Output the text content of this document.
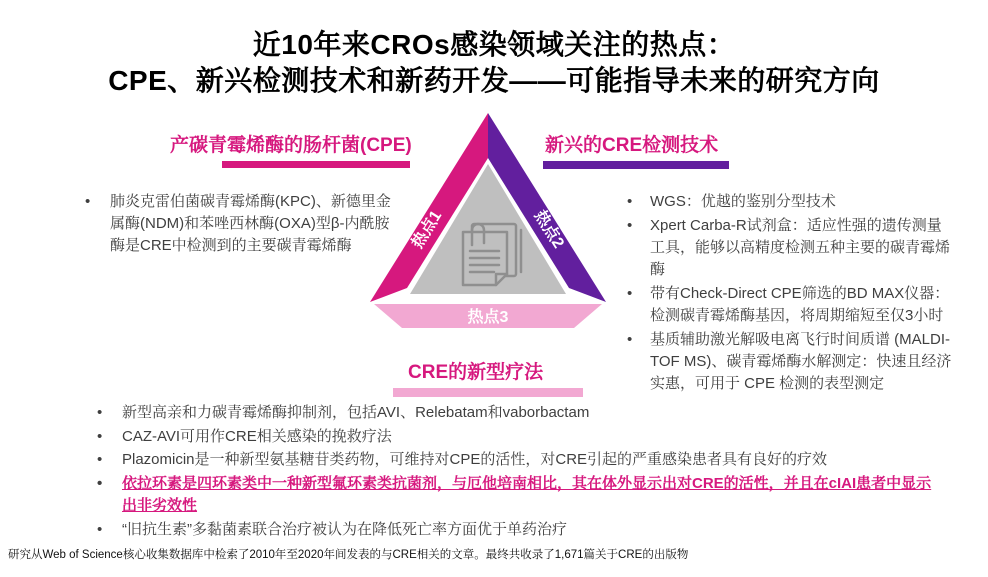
近10年来CROs感染领域关注的热点：
CPE、新兴检测技术和新药开发——可能指导未来的研究方向
产碳青霉烯酶的肠杆菌(CPE)
• 肺炎克雷伯菌碳青霉烯酶(KPC)、新德里金属酶(NDM)和苯唑西林酶(OXA)型β-内酰胺酶是CRE中检测到的主要碳青霉烯酶
新兴的CRE检测技术
• WGS：优越的鉴别分型技术
• Xpert Carba-R试剂盒：适应性强的遗传测量工具，能够以高精度检测五种主要的碳青霉烯酶
• 带有Check-Direct CPE筛选的BD MAX仪器：检测碳青霉烯酶基因，将周期缩短至仅3小时
• 基质辅助激光解吸电离飞行时间质谱 (MALDI-TOF MS)、碳青霉烯酶水解测定：快速且经济实惠，可用于 CPE 检测的表型测定
热点1	热点2
热点3
CRE的新型疗法
• 新型高亲和力碳青霉烯酶抑制剂，包括AVI、Relebatam和vaborbactam
• CAZ-AVI可用作CRE相关感染的挽救疗法
• Plazomicin是一种新型氨基糖苷类药物，可维持对CPE的活性，对CRE引起的严重感染患者具有良好的疗效
• 依拉环素是四环素类中一种新型氟环素类抗菌剂，与厄他培南相比，其在体外显示出对CRE的活性，并且在cIAI患者中显示出非劣效性
• “旧抗生素”多黏菌素联合治疗被认为在降低死亡率方面优于单药治疗
研究从Web of Science核心收集数据库中检索了2010年至2020年间发表的与CRE相关的文章。最终共收录了1,671篇关于CRE的出版物
